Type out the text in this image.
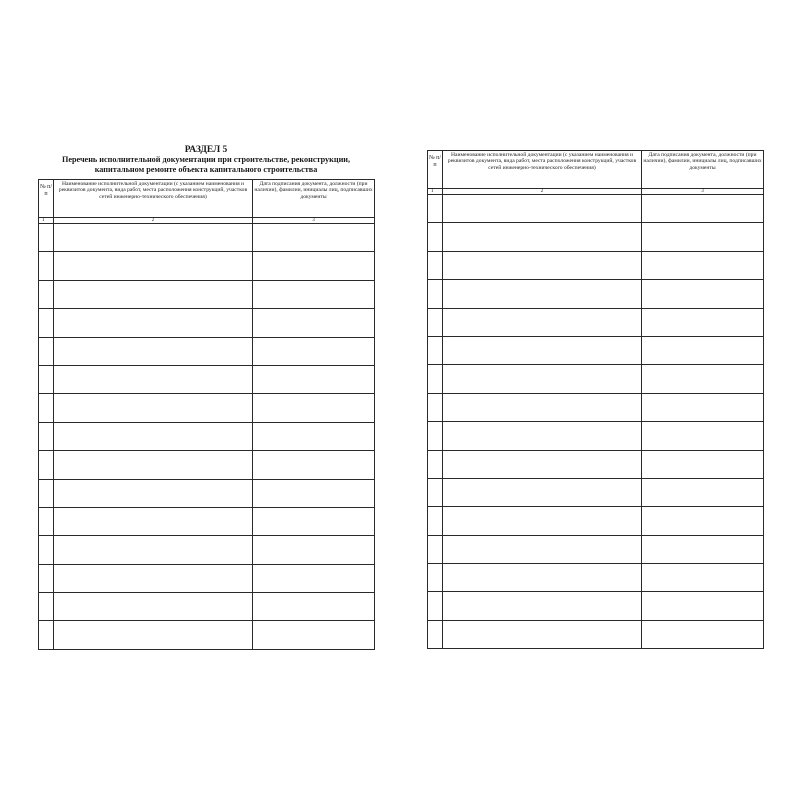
РАЗДЕЛ 5
Перечень исполнительной документации при строительстве, реконструкции, капитальном ремонте объекта капитального строительства
№ п/п	Наименование исполнительной документации (с указанием наименования и реквизитов документа, вида работ, места расположения конструкций, участков сетей инженерно-технического обеспечения)	Дата подписания документа, должности (при наличии), фамилии, инициалы лиц, подписавших документы
1	2	3

№ п/п	Наименование исполнительной документации (с указанием наименования и реквизитов документа, вида работ, места расположения конструкций, участков сетей инженерно-технического обеспечения)	Дата подписания документа, должности (при наличии), фамилии, инициалы лиц, подписавших документы
1	2	3
